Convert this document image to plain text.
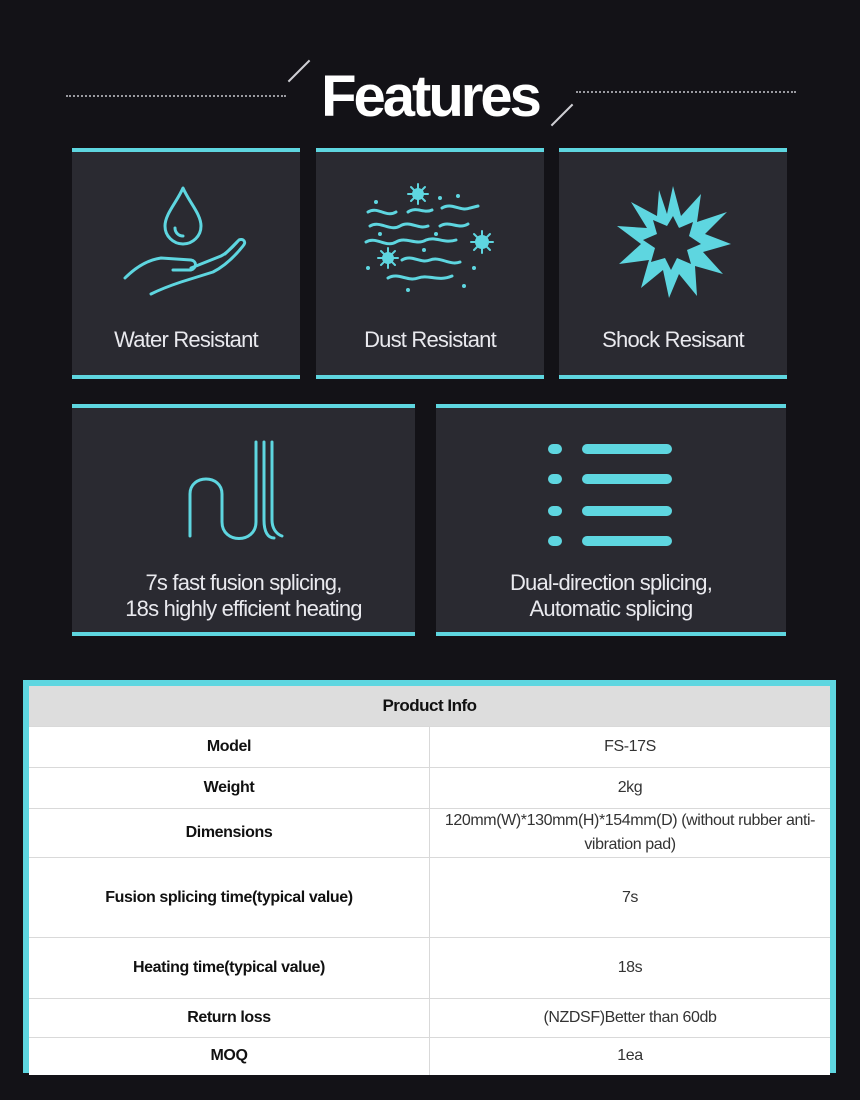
Features
Water Resistant	Dust Resistant	Shock Resisant
7s fast fusion splicing,
18s highly efficient heating
Dual-direction splicing,
Automatic splicing
Product Info	
Model	FS-17S
Weight	2kg
Dimensions	120mm(W)*130mm(H)*154mm(D) (without rubber anti-vibration pad)
Fusion splicing time(typical value)	7s
Heating time(typical value)	18s
Return loss	(NZDSF)Better than 60db
MOQ	1ea
